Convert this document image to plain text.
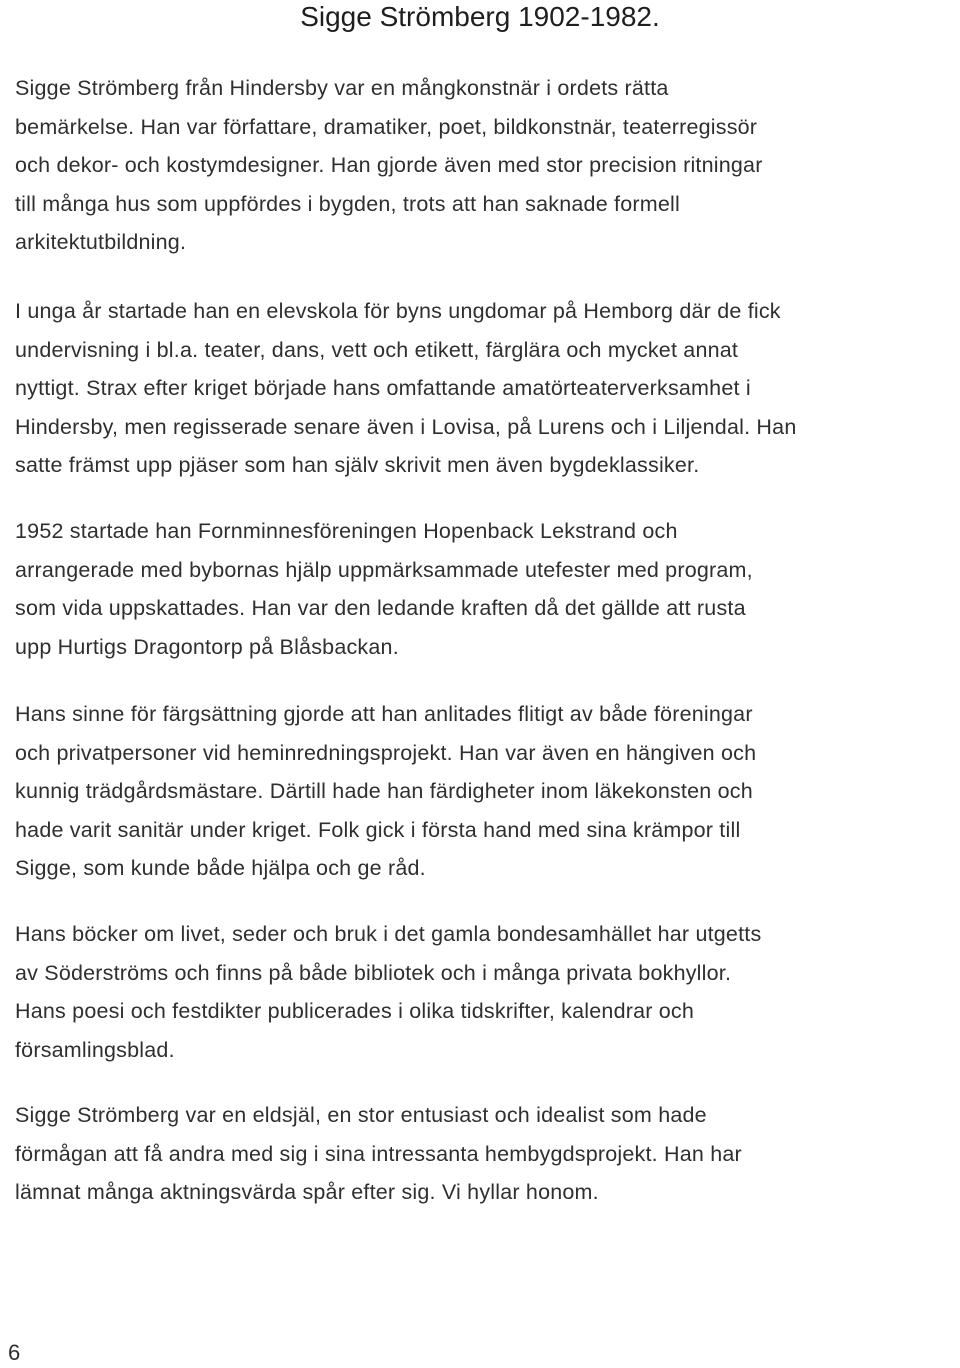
Sigge Strömberg 1902-1982.

Sigge Strömberg från Hindersby var en mångkonstnär i ordets rätta
bemärkelse. Han var författare, dramatiker, poet, bildkonstnär, teaterregissör
och dekor- och kostymdesigner. Han gjorde även med stor precision ritningar
till många hus som uppfördes i bygden, trots att han saknade formell
arkitektutbildning.

I unga år startade han en elevskola för byns ungdomar på Hemborg där de fick
undervisning i bl.a. teater, dans, vett och etikett, färglära och mycket annat
nyttigt. Strax efter kriget började hans omfattande amatörteaterverksamhet i
Hindersby, men regisserade senare även i Lovisa, på Lurens och i Liljendal. Han
satte främst upp pjäser som han själv skrivit men även bygdeklassiker.

1952 startade han Fornminnesföreningen Hopenback Lekstrand och
arrangerade med bybornas hjälp uppmärksammade utefester med program,
som vida uppskattades. Han var den ledande kraften då det gällde att rusta
upp Hurtigs Dragontorp på Blåsbackan.

Hans sinne för färgsättning gjorde att han anlitades flitigt av både föreningar
och privatpersoner vid heminredningsprojekt. Han var även en hängiven och
kunnig trädgårdsmästare. Därtill hade han färdigheter inom läkekonsten och
hade varit sanitär under kriget. Folk gick i första hand med sina krämpor till
Sigge, som kunde både hjälpa och ge råd.

Hans böcker om livet, seder och bruk i det gamla bondesamhället har utgetts
av Söderströms och finns på både bibliotek och i många privata bokhyllor.
Hans poesi och festdikter publicerades i olika tidskrifter, kalendrar och
församlingsblad.

Sigge Strömberg var en eldsjäl, en stor entusiast och idealist som hade
förmågan att få andra med sig i sina intressanta hembygdsprojekt. Han har
lämnat många aktningsvärda spår efter sig. Vi hyllar honom.

6
